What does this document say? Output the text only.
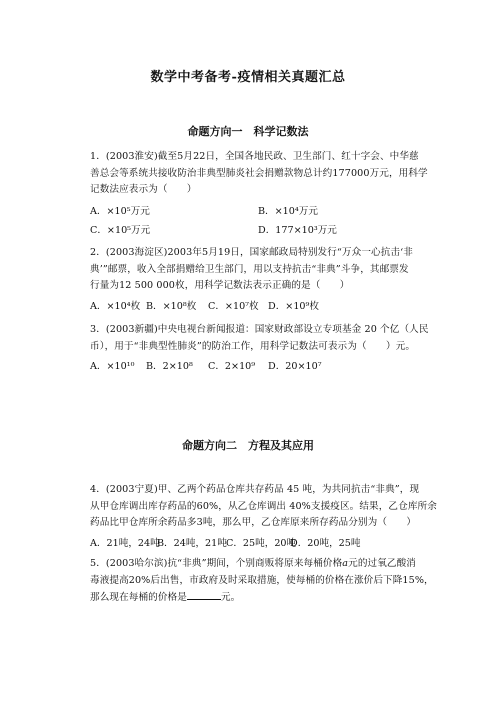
数学中考备考-疫情相关真题汇总
命题方向一　科学记数法
1．(2003淮安)截至5月22日，全国各地民政、卫生部门、红十字会、中华慈
善总会等系统共接收防治非典型肺炎社会捐赠款物总计约177000万元，用科学
记数法应表示为（　　）
A．×10⁵万元	B．×10⁴万元
C．×10⁵万元	D．177×10³万元
2．(2003海淀区)2003年5月19日，国家邮政局特别发行“万众一心抗击‘非
典’”邮票，收入全部捐赠给卫生部门，用以支持抗击“非典”斗争，其邮票发
行量为12 500 000枚，用科学记数法表示正确的是（　　）
A．×10⁴枚 B．×10⁸枚 C．×10⁷枚 D．×10⁹枚
3．(2003新疆)中央电视台新闻报道：国家财政部设立专项基金 20 个亿（人民
币），用于“非典型性肺炎”的防治工作，用科学记数法可表示为（　　）元。
A．×10¹⁰ B．2×10⁸ C．2×10⁹ D．20×10⁷
命题方向二　方程及其应用
4．(2003宁夏)甲、乙两个药品仓库共存药品 45 吨，为共同抗击“非典”，现
从甲仓库调出库存药品的60%，从乙仓库调出 40%支援疫区。结果，乙仓库所余
药品比甲仓库所余药品多3吨，那么甲，乙仓库原来所存药品分别为（　　）
A．21吨，24吨
B．24吨，21吨 C．25吨，20吨
D．20吨，25吨
5．(2003哈尔滨)抗“非典”期间，个别商贩将原来每桶价格a元的过氧乙酸消
毒液提高20%后出售，市政府及时采取措施，使每桶的价格在涨价后下降15%，
那么现在每桶的价格是	元。
